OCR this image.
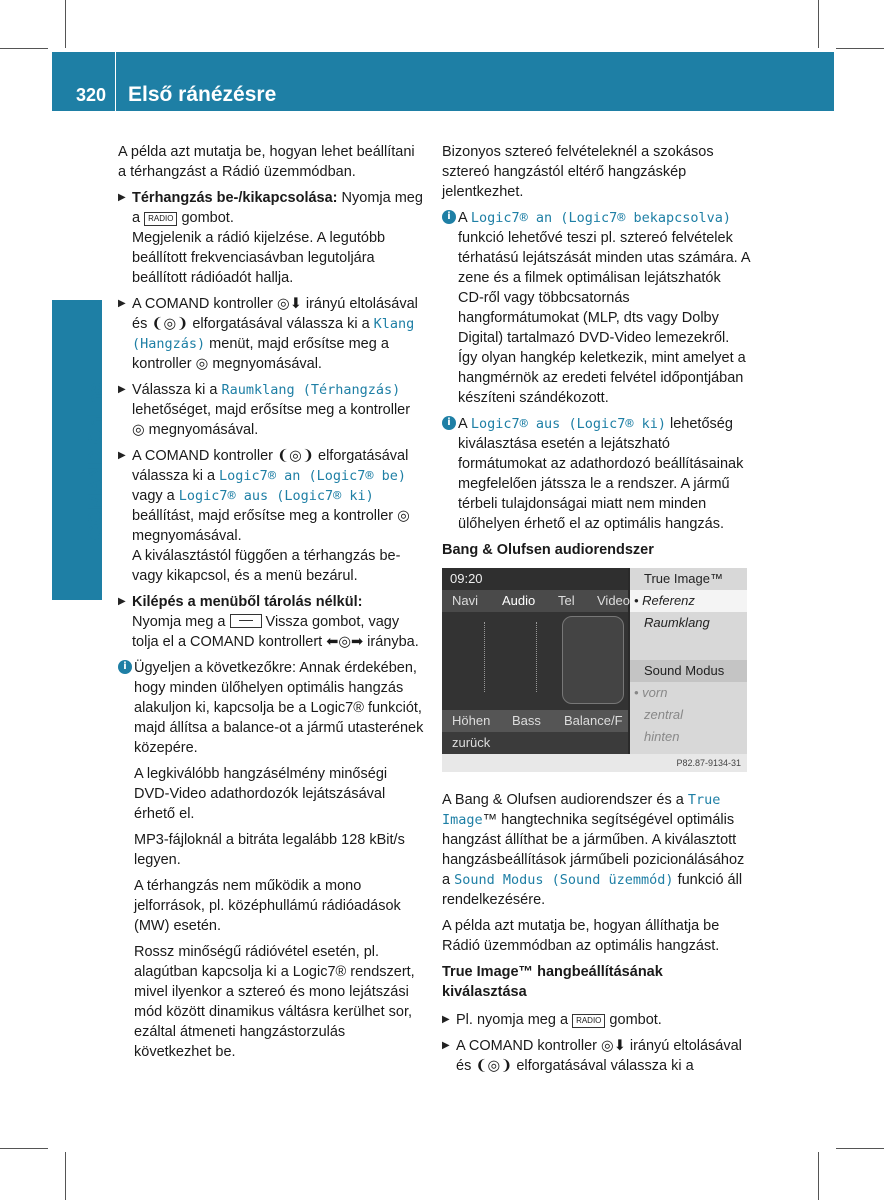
320 Első ránézésre
COMAND Online

A példa azt mutatja be, hogyan lehet beállítani a térhangzást a Rádió üzemmódban.

▶ Térhangzás be-/kikapcsolása: Nyomja meg a RADIO gombot.
Megjelenik a rádió kijelzése. A legutóbb beállított frekvenciasávban legutoljára beállított rádióadót hallja.
▶ A COMAND kontroller ◎⬇ irányú eltolásával és ❨◎❩ elforgatásával válassza ki a Klang (Hangzás) menüt, majd erősítse meg a kontroller ◎ megnyomásával.
▶ Válassza ki a Raumklang (Térhangzás) lehetőséget, majd erősítse meg a kontroller ◎ megnyomásával.
▶ A COMAND kontroller ❨◎❩ elforgatásával válassza ki a Logic7® an (Logic7® be) vagy a Logic7® aus (Logic7® ki) beállítást, majd erősítse meg a kontroller ◎ megnyomásával.
A kiválasztástól függően a térhangzás be- vagy kikapcsol, és a menü bezárul.
▶ Kilépés a menüből tárolás nélkül:
Nyomja meg a
Vissza gombot, vagy tolja el a COMAND kontrollert ⬅◎➡ irányba.
i Ügyeljen a következőkre: Annak érdekében, hogy minden ülőhelyen optimális hangzás alakuljon ki, kapcsolja be a Logic7® funkciót, majd állítsa a balance-ot a jármű utasterének közepére.
A legkiválóbb hangzásélmény minőségi DVD-Video adathordozók lejátszásával érhető el.
MP3-fájloknál a bitráta legalább 128 kBit/s legyen.
A térhangzás nem működik a mono jelforrások, pl. középhullámú rádióadások (MW) esetén.
Rossz minőségű rádióvétel esetén, pl. alagútban kapcsolja ki a Logic7® rendszert, mivel ilyenkor a sztereó és mono lejátszási mód között dinamikus váltásra kerülhet sor, ezáltal átmeneti hangzástorzulás következhet be.

Bizonyos sztereó felvételeknél a szokásos sztereó hangzástól eltérő hangzáskép jelentkezhet.

i A Logic7® an (Logic7® bekapcsolva) funkció lehetővé teszi pl. sztereó felvételek térhatású lejátszását minden utas számára. A zene és a filmek optimálisan lejátszhatók CD-ről vagy többcsatornás hangformátumokat (MLP, dts vagy Dolby Digital) tartalmazó DVD-Video lemezekről. Így olyan hangkép keletkezik, mint amelyet a hangmérnök az eredeti felvétel időpontjában készíteni szándékozott.
i A Logic7® aus (Logic7® ki) lehetőség kiválasztása esetén a lejátszható formátumokat az adathordozó beállításainak megfelelően játssza le a rendszer. A jármű térbeli tulajdonságai miatt nem minden ülőhelyen érhető el az optimális hangzás.
Bang & Olufsen audiorendszer
09:20
Navi Audio Tel Video
Höhen Bass Balance/F
zurück
True Image™
• Referenz
Raumklang
Sound Modus
• vorn
zentral
hinten
P82.87-9134-31

A Bang & Olufsen audiorendszer és a True Image™ hangtechnika segítségével optimális hangzást állíthat be a járműben. A kiválasztott hangzásbeállítások járműbeli pozicionálásához a Sound Modus (Sound üzemmód) funkció áll rendelkezésére.

A példa azt mutatja be, hogyan állíthatja be Rádió üzemmódban az optimális hangzást.

True Image™ hangbeállításának kiválasztása
▶ Pl. nyomja meg a RADIO gombot.
▶ A COMAND kontroller ◎⬇ irányú eltolásával és ❨◎❩ elforgatásával válassza ki a
